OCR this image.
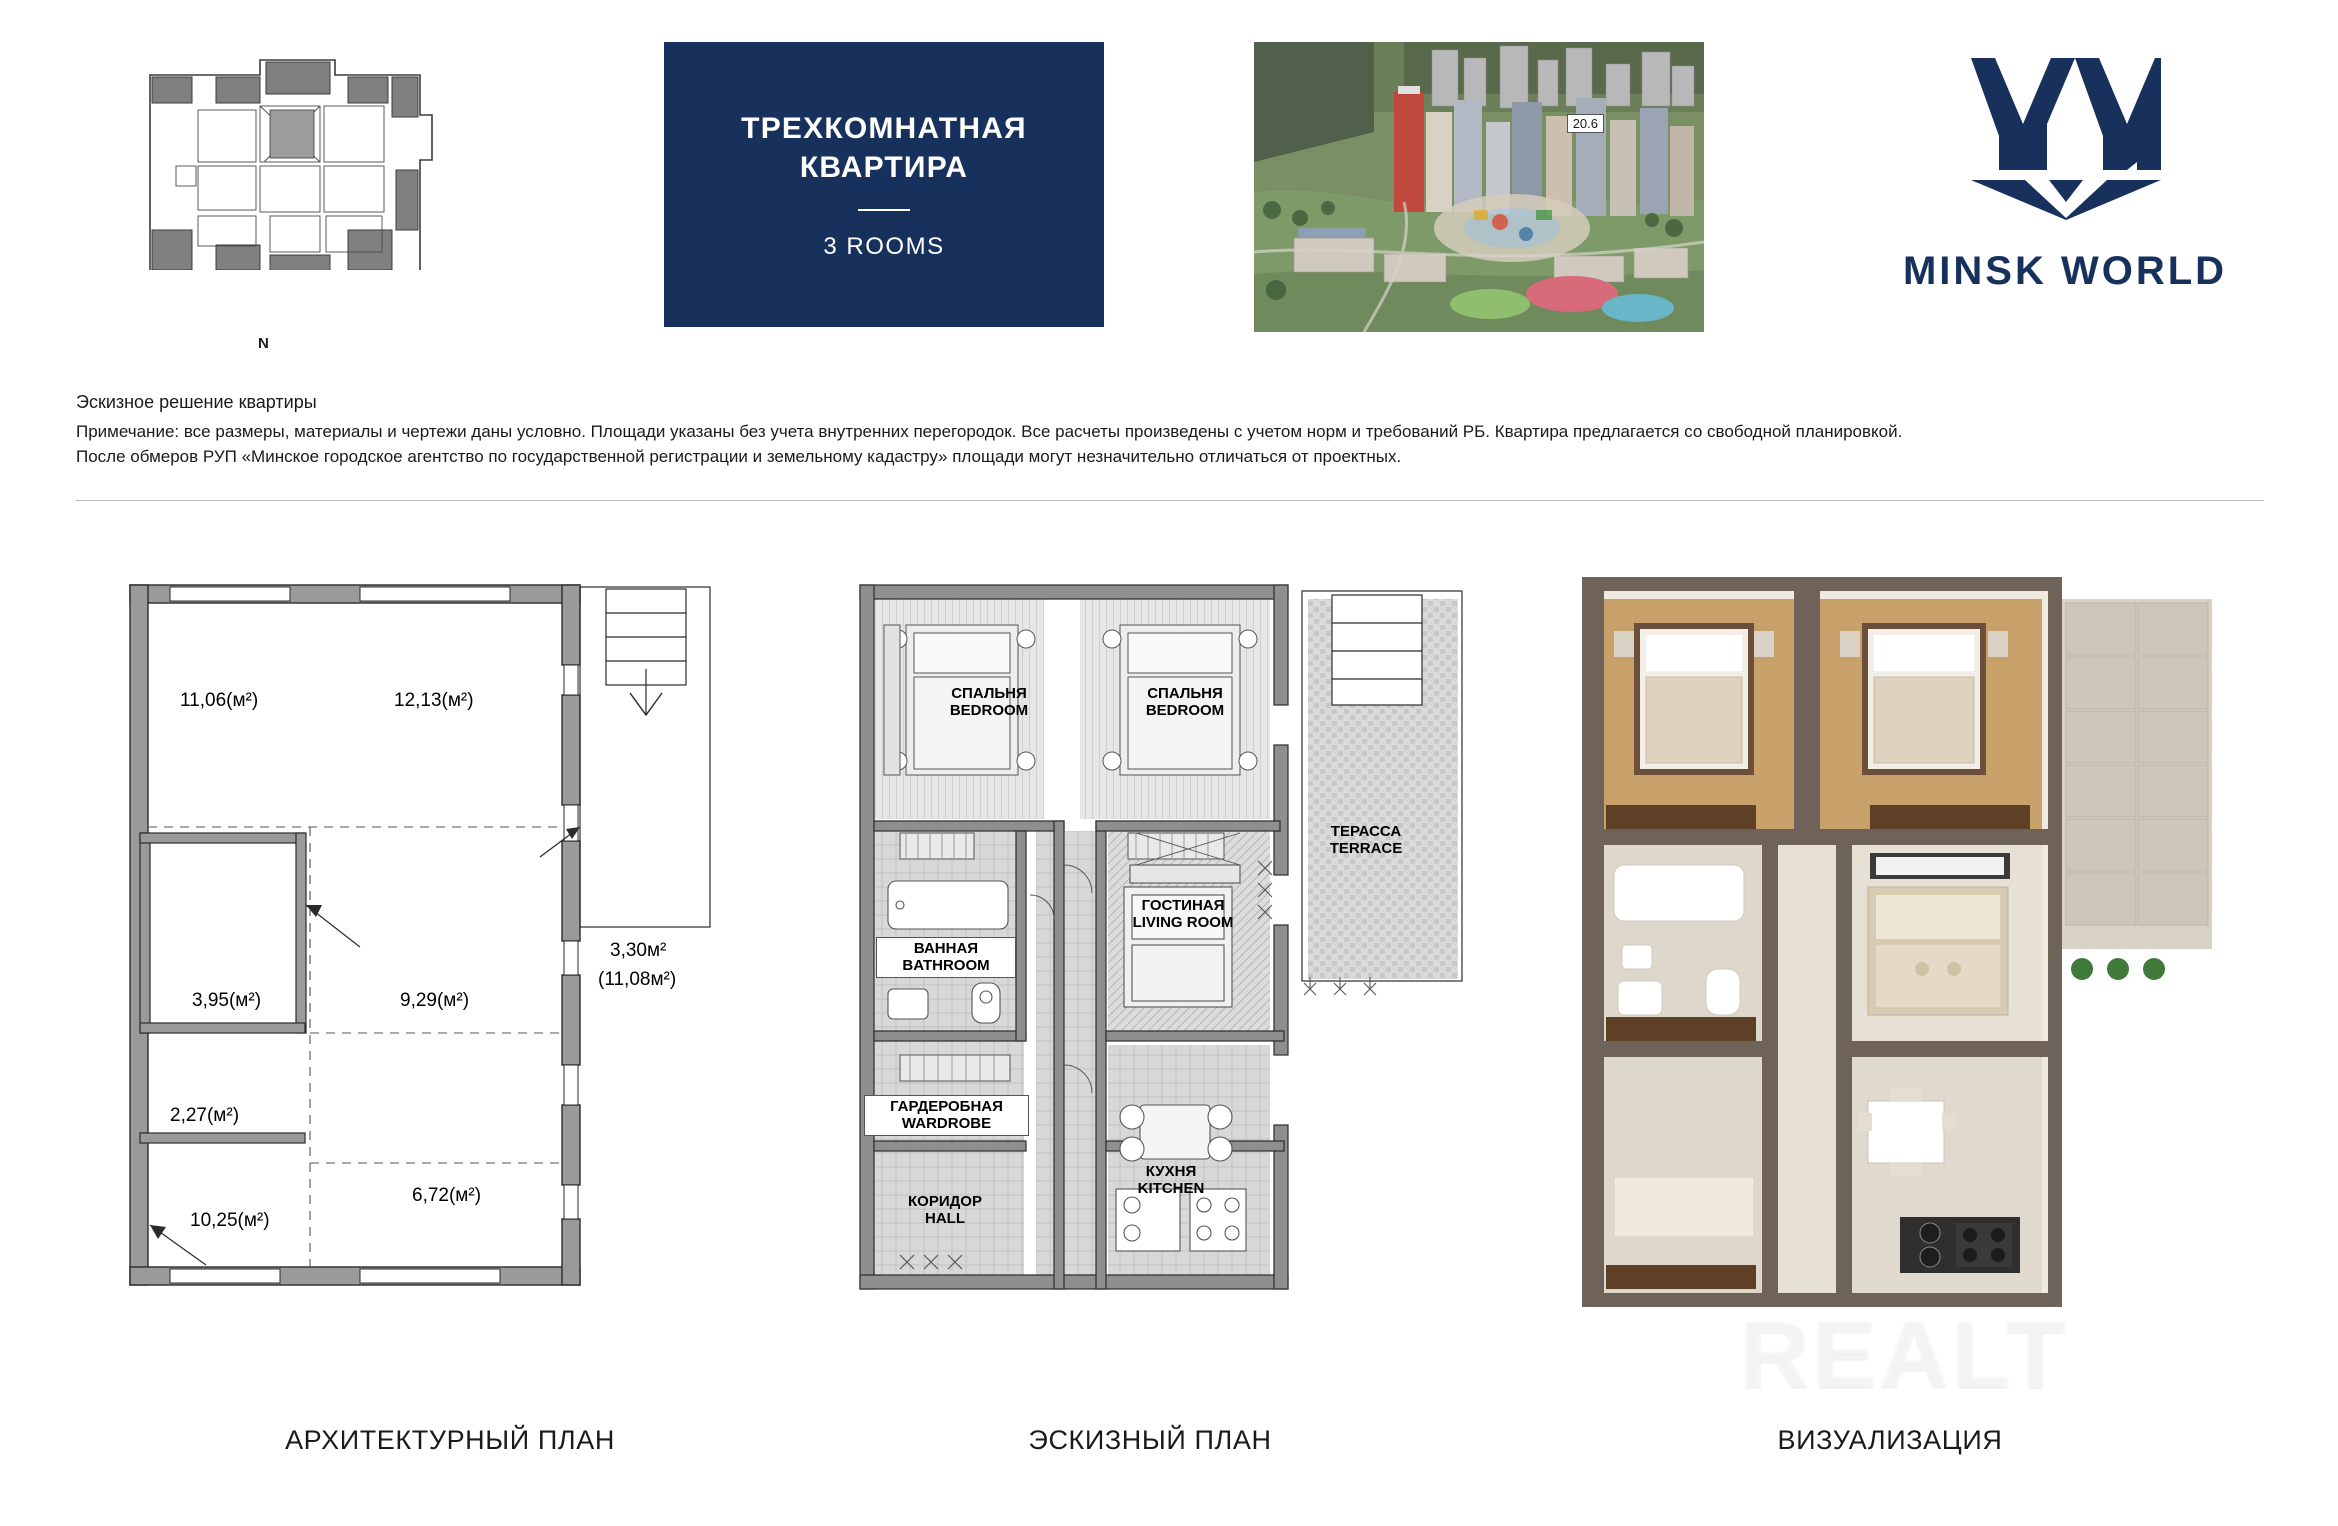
N
ТРЕХКОМНАТНАЯ КВАРТИРА
3 ROOMS
20.6
MINSK WORLD
Эскизное решение квартиры
Примечание: все размеры, материалы и чертежи даны условно. Площади указаны без учета внутренних перегородок. Все расчеты произведены с учетом норм и требований РБ. Квартира предлагается со свободной планировкой.
После обмеров РУП «Минское городское агентство по государственной регистрации и земельному кадастру» площади могут незначительно отличаться от проектных.
11,06(м²)	12,13(м²)
3,95(м²)	9,29(м²)
2,27(м²)
10,25(м²)
6,72(м²)
3,30м²
(11,08м²)
СПАЛЬНЯ
BEDROOM
СПАЛЬНЯ
BEDROOM
ТЕРАССА
TERRACE
ВАННАЯ
BATHROOM
ГОСТИНАЯ
LIVING ROOM
ГАРДЕРОБНАЯ
WARDROBE
КОРИДОР
HALL
КУХНЯ
KITCHEN
REALT
АРХИТЕКТУРНЫЙ ПЛАН	ЭСКИЗНЫЙ ПЛАН	ВИЗУАЛИЗАЦИЯ
